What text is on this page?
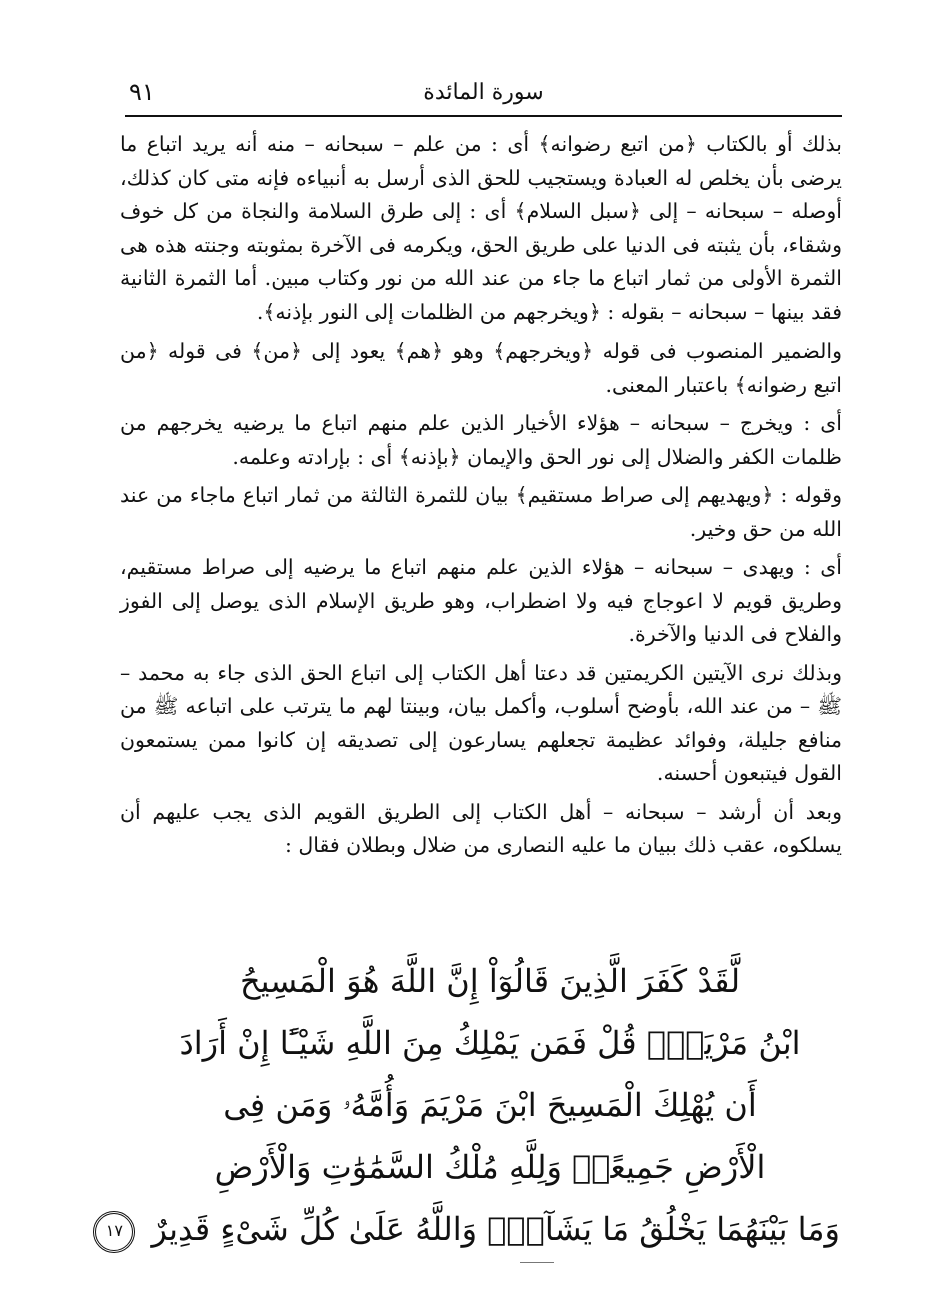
٩١	سورة المائدة

بذلك أو بالكتاب ﴿من اتبع رضوانه﴾ أى : من علم – سبحانه – منه أنه يريد اتباع ما يرضى بأن يخلص له العبادة ويستجيب للحق الذى أرسل به أنبياءه فإنه متى كان كذلك، أوصله – سبحانه – إلى ﴿سبل السلام﴾ أى : إلى طرق السلامة والنجاة من كل خوف وشقاء، بأن يثبته فى الدنيا على طريق الحق، ويكرمه فى الآخرة بمثوبته وجنته هذه هى الثمرة الأولى من ثمار اتباع ما جاء من عند الله من نور وكتاب مبين. أما الثمرة الثانية فقد بينها – سبحانه – بقوله : ﴿ويخرجهم من الظلمات إلى النور بإذنه﴾.

والضمير المنصوب فى قوله ﴿ويخرجهم﴾ وهو ﴿هم﴾ يعود إلى ﴿من﴾ فى قوله ﴿من اتبع رضوانه﴾ باعتبار المعنى.

أى : ويخرج – سبحانه – هؤلاء الأخيار الذين علم منهم اتباع ما يرضيه يخرجهم من ظلمات الكفر والضلال إلى نور الحق والإيمان ﴿بإذنه﴾ أى : بإرادته وعلمه.

وقوله : ﴿ويهديهم إلى صراط مستقيم﴾ بيان للثمرة الثالثة من ثمار اتباع ماجاء من عند الله من حق وخير.

أى : ويهدى – سبحانه – هؤلاء الذين علم منهم اتباع ما يرضيه إلى صراط مستقيم، وطريق قويم لا اعوجاج فيه ولا اضطراب، وهو طريق الإسلام الذى يوصل إلى الفوز والفلاح فى الدنيا والآخرة.

وبذلك نرى الآيتين الكريمتين قد دعتا أهل الكتاب إلى اتباع الحق الذى جاء به محمد – ﷺ – من عند الله، بأوضح أسلوب، وأكمل بيان، وبينتا لهم ما يترتب على اتباعه ﷺ من منافع جليلة، وفوائد عظيمة تجعلهم يسارعون إلى تصديقه إن كانوا ممن يستمعون القول فيتبعون أحسنه.

وبعد أن أرشد – سبحانه – أهل الكتاب إلى الطريق القويم الذى يجب عليهم أن يسلكوه، عقب ذلك ببيان ما عليه النصارى من ضلال وبطلان فقال :

لَّقَدْ كَفَرَ الَّذِينَ قَالُوٓاْ إِنَّ اللَّهَ هُوَ الْمَسِيحُ
ابْنُ مَرْيَمَۚ قُلْ فَمَن يَمْلِكُ مِنَ اللَّهِ شَيْـًٔا إِنْ أَرَادَ
أَن يُهْلِكَ الْمَسِيحَ ابْنَ مَرْيَمَ وَأُمَّهُۥ وَمَن فِى
الْأَرْضِ جَمِيعًاۗ وَلِلَّهِ مُلْكُ السَّمَٰوَٰتِ وَالْأَرْضِ
وَمَا بَيْنَهُمَا يَخْلُقُ مَا يَشَآءُۚ وَاللَّهُ عَلَىٰ كُلِّ شَىْءٍ قَدِيرٌ ١٧
